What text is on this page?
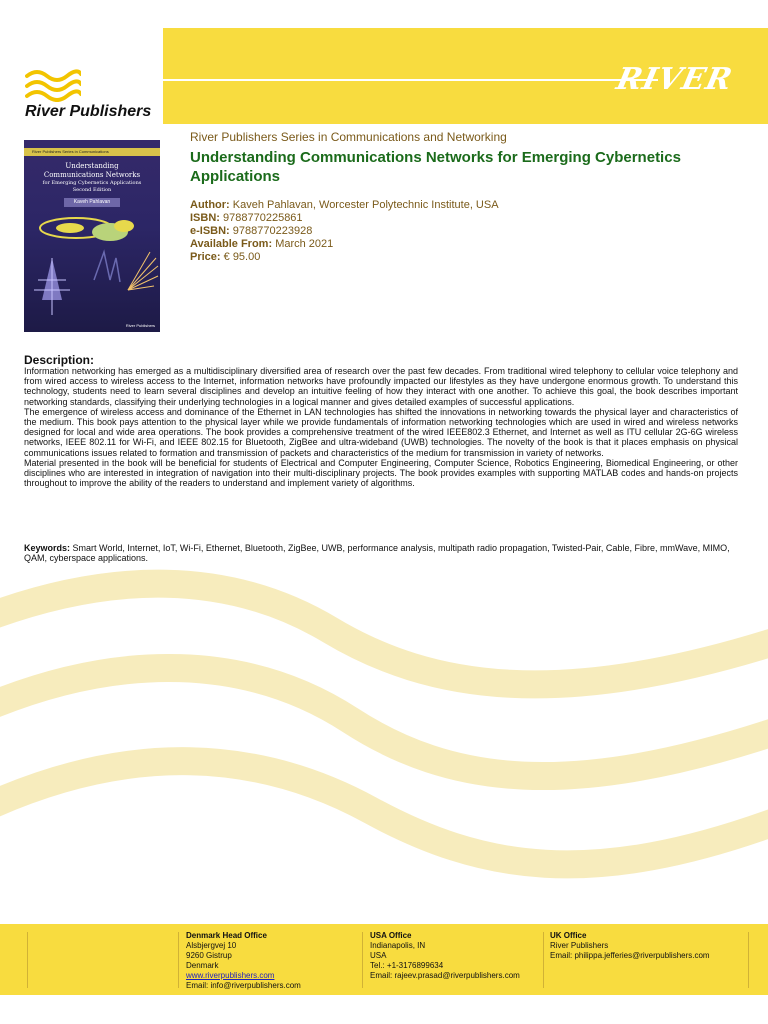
RIVER
River Publishers
River Publishers Series in Communications
Understanding
Communications Networks
for Emerging Cybernetics Applications
Second Edition
Kaveh Pahlavan
River Publishers
River Publishers Series in Communications and Networking
Understanding Communications Networks for Emerging Cybernetics Applications
Author: Kaveh Pahlavan, Worcester Polytechnic Institute, USA
ISBN: 9788770225861
e-ISBN: 9788770223928
Available From: March 2021
Price: € 95.00
Description:

Information networking has emerged as a multidisciplinary diversified area of research over the past few decades. From traditional wired telephony to cellular voice telephony and from wired access to wireless access to the Internet, information networks have profoundly impacted our lifestyles as they have undergone enormous growth. To understand this technology, students need to learn several disciplines and develop an intuitive feeling of how they interact with one another. To achieve this goal, the book describes important networking standards, classifying their underlying technologies in a logical manner and gives detailed examples of successful applications.

The emergence of wireless access and dominance of the Ethernet in LAN technologies has shifted the innovations in networking towards the physical layer and characteristics of the medium. This book pays attention to the physical layer while we provide fundamentals of information networking technologies which are used in wired and wireless networks designed for local and wide area operations. The book provides a comprehensive treatment of the wired IEEE802.3 Ethernet, and Internet as well as ITU cellular 2G-6G wireless networks, IEEE 802.11 for Wi-Fi, and IEEE 802.15 for Bluetooth, ZigBee and ultra-wideband (UWB) technologies. The novelty of the book is that it places emphasis on physical communications issues related to formation and transmission of packets and characteristics of the medium for transmission in variety of networks.

Material presented in the book will be beneficial for students of Electrical and Computer Engineering, Computer Science, Robotics Engineering, Biomedical Engineering, or other disciplines who are interested in integration of navigation into their multi-disciplinary projects. The book provides examples with supporting MATLAB codes and hands-on projects throughout to improve the ability of the readers to understand and implement variety of algorithms.

Keywords: Smart World, Internet, IoT, Wi-Fi, Ethernet, Bluetooth, ZigBee, UWB, performance analysis, multipath radio propagation, Twisted-Pair, Cable, Fibre, mmWave, MIMO, QAM, cyberspace applications.
Denmark Head Office
Alsbjergvej 10
9260 Gistrup
Denmark
www.riverpublishers.com
Email: info@riverpublishers.com
USA Office
Indianapolis, IN
USA
Tel.: +1-3176899634
Email: rajeev.prasad@riverpublishers.com
UK Office
River Publishers
Email: philippa.jefferies@riverpublishers.com
